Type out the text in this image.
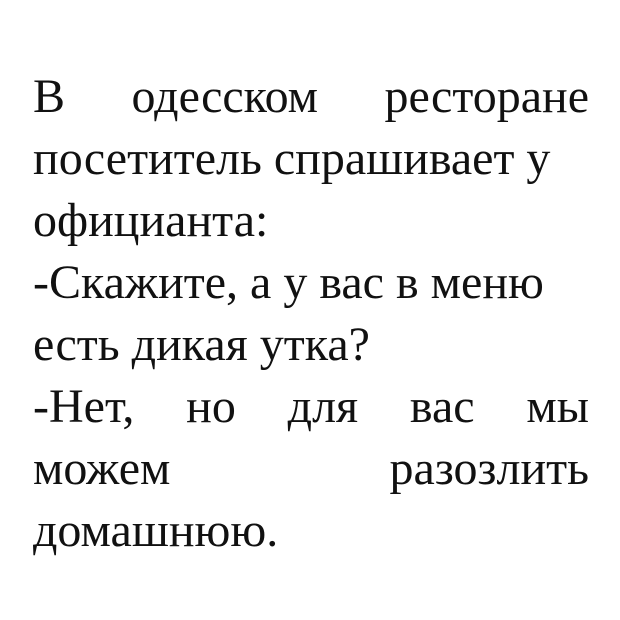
В одесском ресторане
посетитель спрашивает у
официанта:
-Скажите, а у вас в меню
есть дикая утка?
-Нет, но для вас мы
можем	разозлить
домашнюю.
